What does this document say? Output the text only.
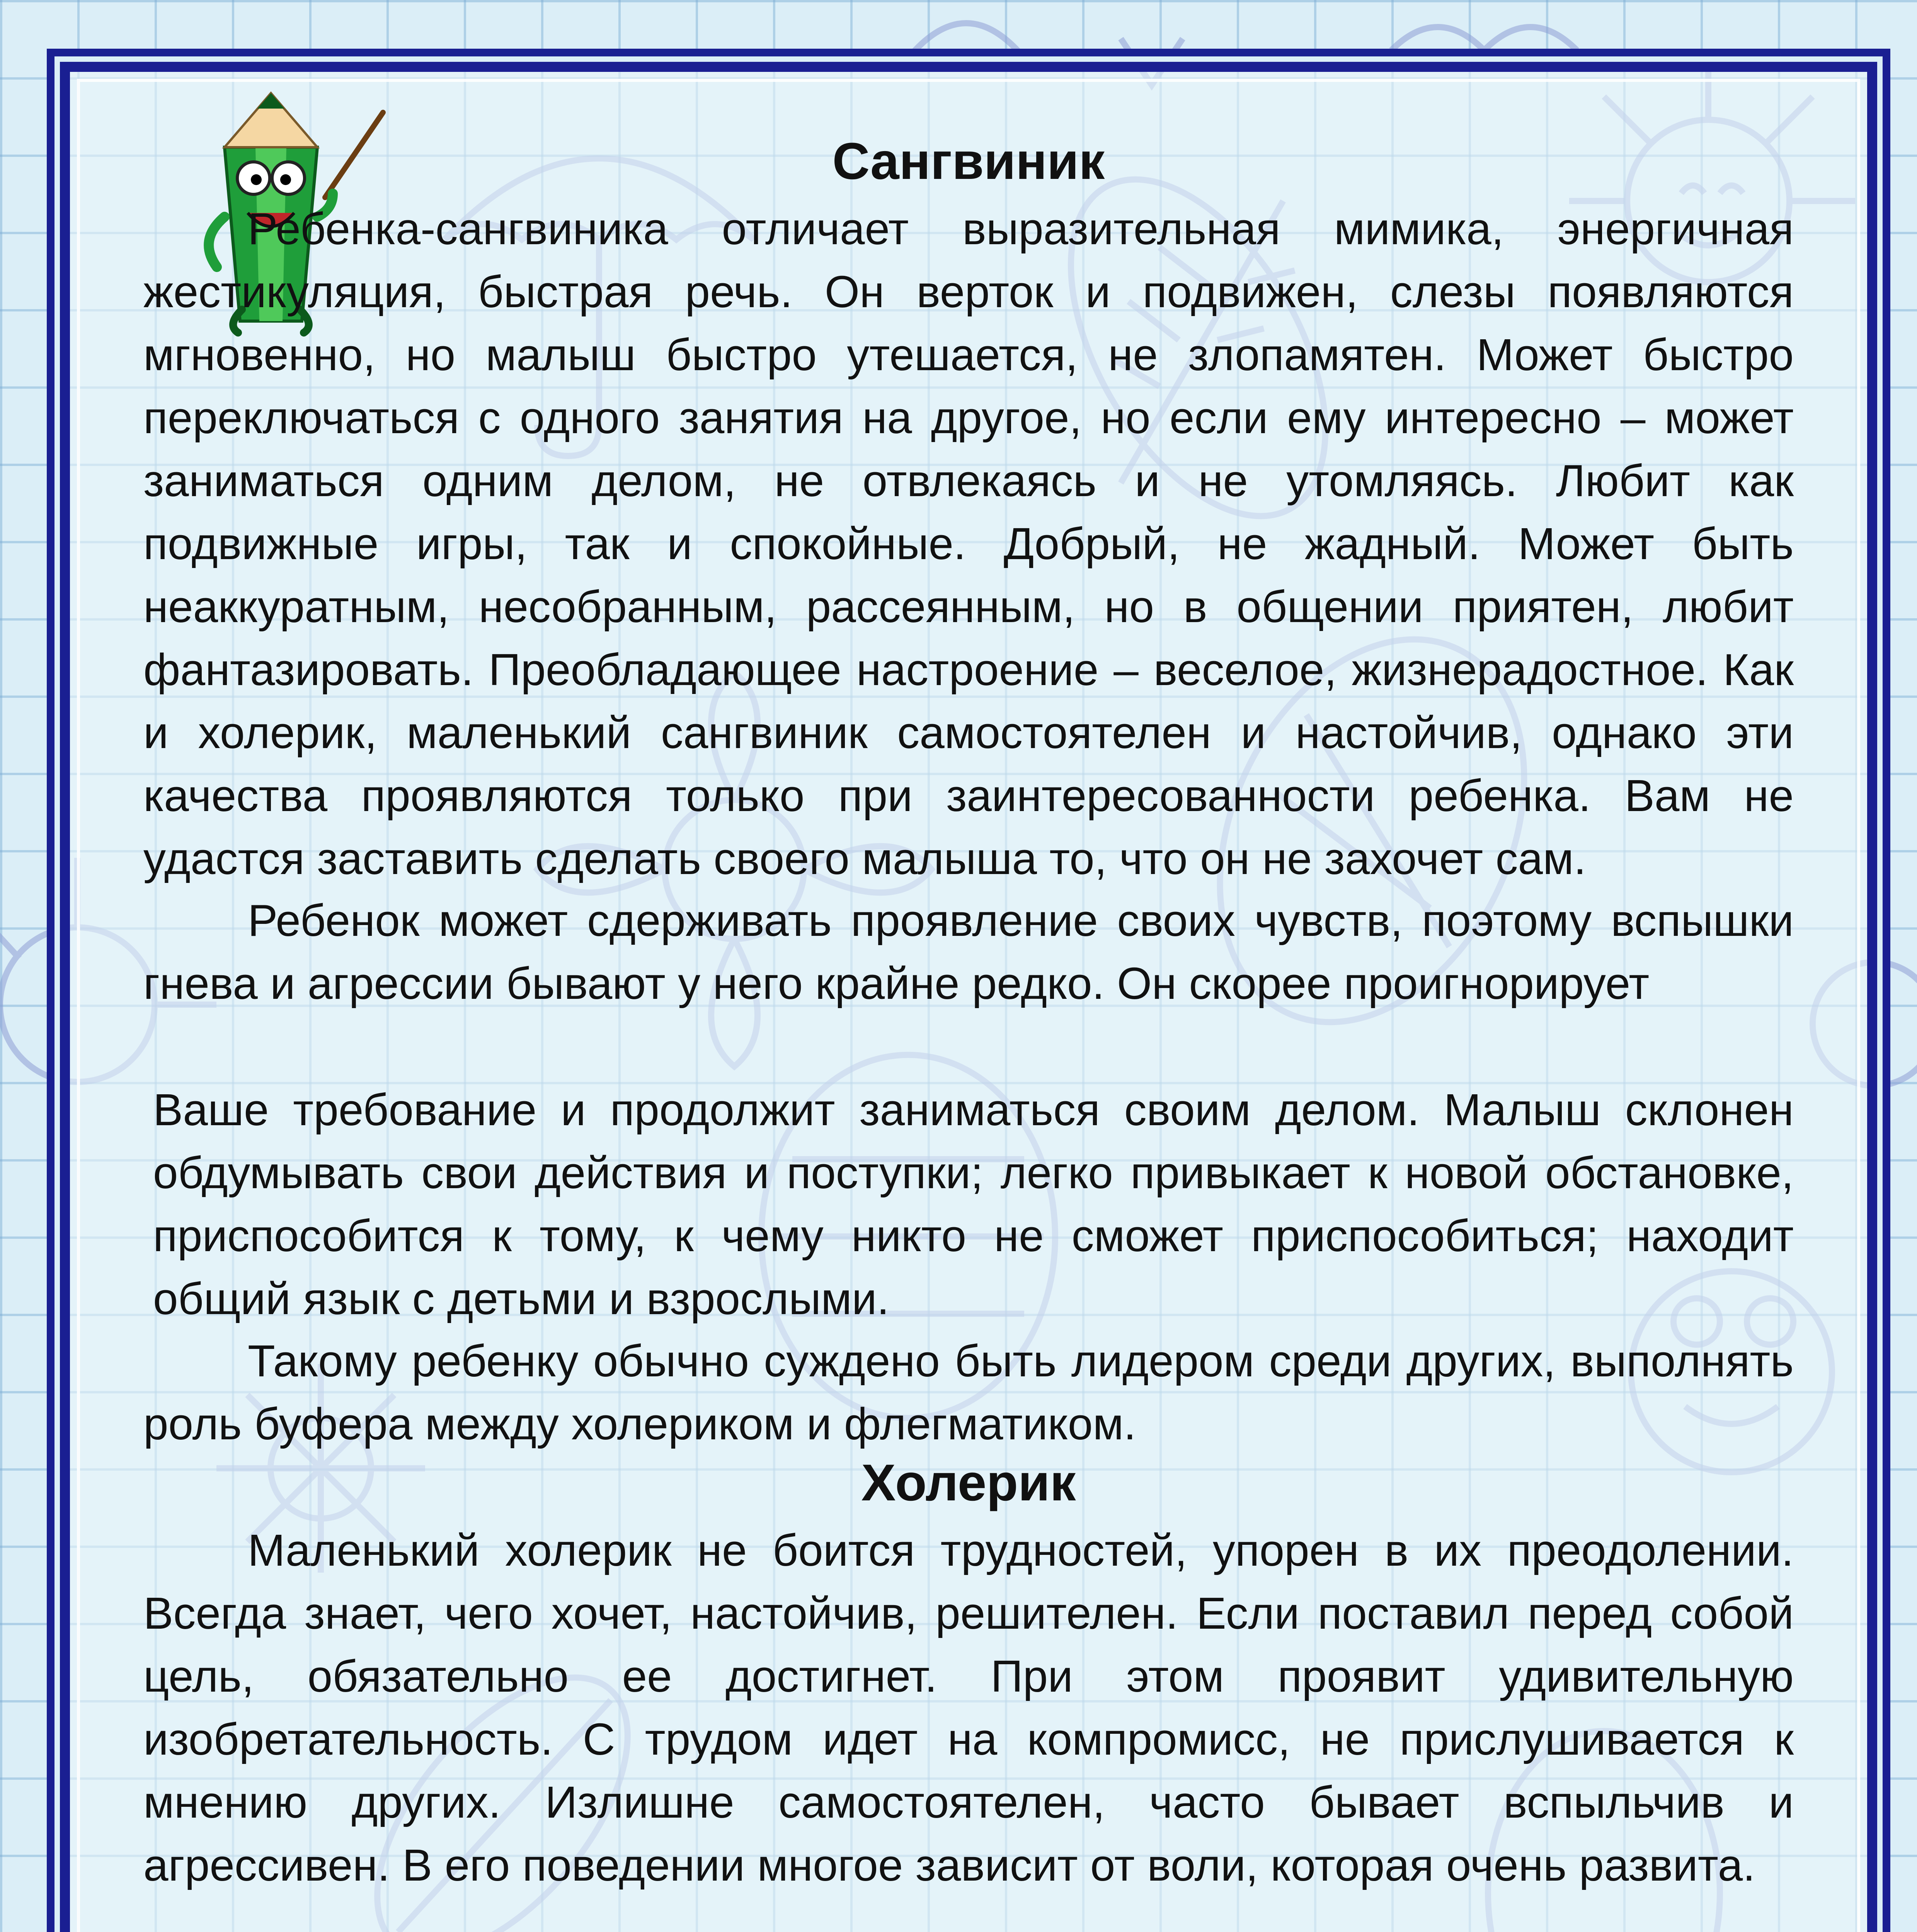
Сангвиник

Ребенка-сангвиника отличает выразительная мимика, энергичная жестикуляция, быстрая речь. Он верток и подвижен, слезы появляются мгновенно, но малыш быстро утешается, не злопамятен. Может быстро переключаться с одного занятия на другое, но если ему интересно – может заниматься одним делом, не отвлекаясь и не утомляясь. Любит как подвижные игры, так и спокойные. Добрый, не жадный. Может быть неаккуратным, несобранным, рассеянным, но в общении приятен, любит фантазировать. Преобладающее настроение – веселое, жизнерадостное. Как и холерик, маленький сангвиник самостоятелен и настойчив, однако эти качества проявляются только при заинтересованности ребенка. Вам не удастся заставить сделать своего малыша то, что он не захочет сам.

Ребенок может сдерживать проявление своих чувств, поэтому вспышки гнева и агрессии бывают у него крайне редко. Он скорее проигнорирует

Ваше требование и продолжит заниматься своим делом. Малыш склонен обдумывать свои действия и поступки; легко привыкает к новой обстановке, приспособится к тому, к чему никто не сможет приспособиться; находит общий язык с детьми и взрослыми.

Такому ребенку обычно суждено быть лидером среди других, выполнять роль буфера между холериком и флегматиком.

Холерик

Маленький холерик не боится трудностей, упорен в их преодолении. Всегда знает, чего хочет, настойчив, решителен. Если поставил перед собой цель, обязательно ее достигнет. При этом проявит удивительную изобретательность. С трудом идет на компромисс, не прислушивается к мнению других. Излишне самостоятелен, часто бывает вспыльчив и агрессивен. В его поведении многое зависит от воли, которая очень развита.
